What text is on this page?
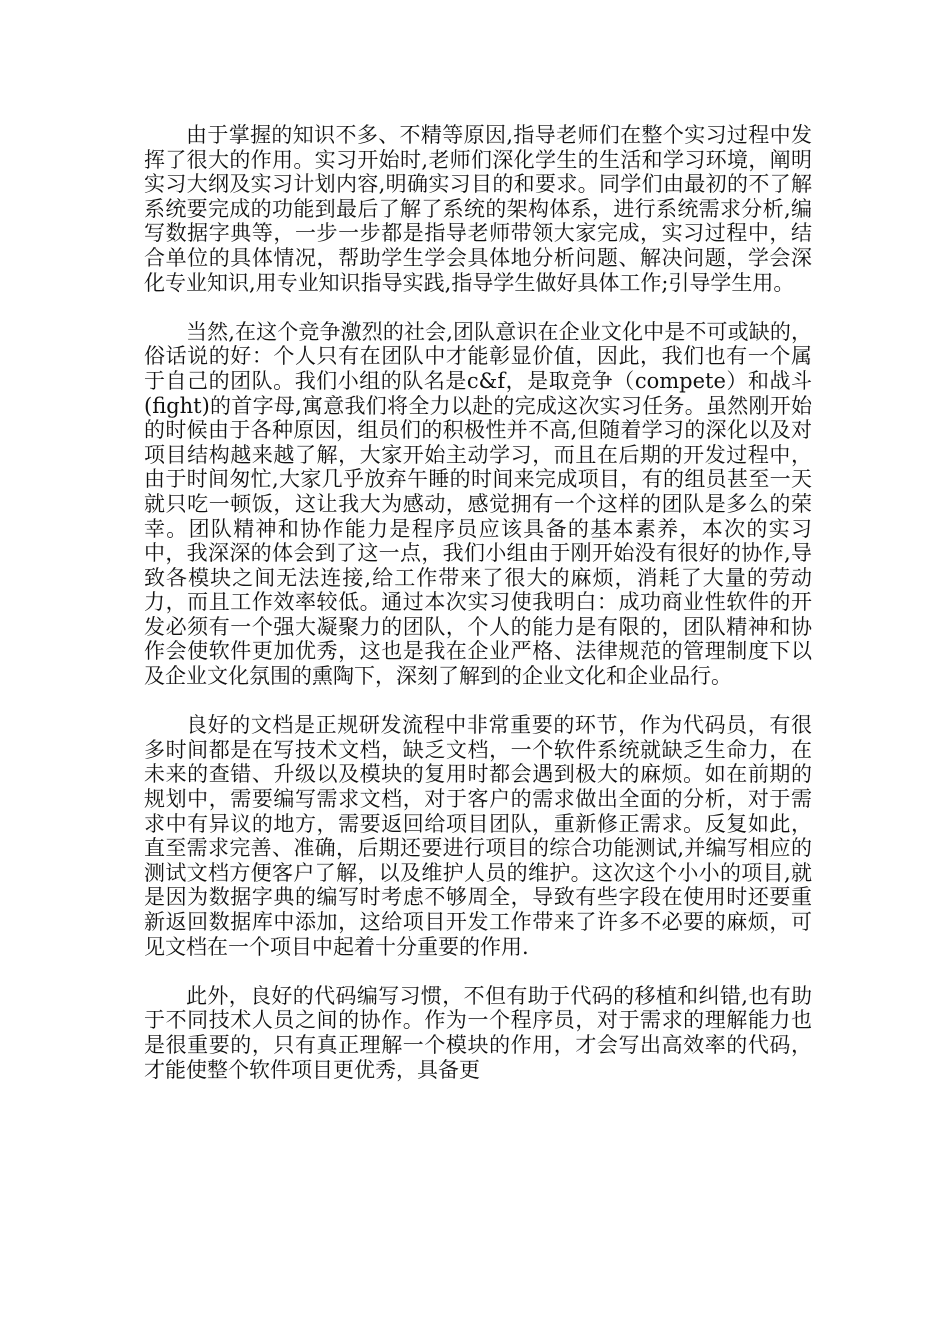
由于掌握的知识不多、不精等原因,指导老师们在整个实习过程中发挥了很大的作用。实习开始时,老师们深化学生的生活和学习环境，阐明实习大纲及实习计划内容,明确实习目的和要求。同学们由最初的不了解系统要完成的功能到最后了解了系统的架构体系，进行系统需求分析,编写数据字典等，一步一步都是指导老师带领大家完成，实习过程中，结合单位的具体情况，帮助学生学会具体地分析问题、解决问题，学会深化专业知识,用专业知识指导实践,指导学生做好具体工作;引导学生用。

当然,在这个竞争激烈的社会,团队意识在企业文化中是不可或缺的，俗话说的好：个人只有在团队中才能彰显价值，因此，我们也有一个属于自己的团队。我们小组的队名是c&f，是取竞争（compete）和战斗(fight)的首字母,寓意我们将全力以赴的完成这次实习任务。虽然刚开始的时候由于各种原因，组员们的积极性并不高,但随着学习的深化以及对项目结构越来越了解，大家开始主动学习，而且在后期的开发过程中，由于时间匆忙,大家几乎放弃午睡的时间来完成项目，有的组员甚至一天就只吃一顿饭，这让我大为感动，感觉拥有一个这样的团队是多么的荣幸。团队精神和协作能力是程序员应该具备的基本素养，本次的实习中，我深深的体会到了这一点，我们小组由于刚开始没有很好的协作,导致各模块之间无法连接,给工作带来了很大的麻烦，消耗了大量的劳动力，而且工作效率较低。通过本次实习使我明白：成功商业性软件的开发必须有一个强大凝聚力的团队，个人的能力是有限的，团队精神和协作会使软件更加优秀，这也是我在企业严格、法律规范的管理制度下以及企业文化氛围的熏陶下，深刻了解到的企业文化和企业品行。

良好的文档是正规研发流程中非常重要的环节，作为代码员，有很多时间都是在写技术文档，缺乏文档，一个软件系统就缺乏生命力，在未来的查错、升级以及模块的复用时都会遇到极大的麻烦。如在前期的规划中，需要编写需求文档，对于客户的需求做出全面的分析，对于需求中有异议的地方，需要返回给项目团队，重新修正需求。反复如此，直至需求完善、准确，后期还要进行项目的综合功能测试,并编写相应的测试文档方便客户了解，以及维护人员的维护。这次这个小小的项目,就是因为数据字典的编写时考虑不够周全，导致有些字段在使用时还要重新返回数据库中添加，这给项目开发工作带来了许多不必要的麻烦，可见文档在一个项目中起着十分重要的作用.

此外，良好的代码编写习惯，不但有助于代码的移植和纠错,也有助于不同技术人员之间的协作。作为一个程序员，对于需求的理解能力也是很重要的，只有真正理解一个模块的作用，才会写出高效率的代码，才能使整个软件项目更优秀，具备更
